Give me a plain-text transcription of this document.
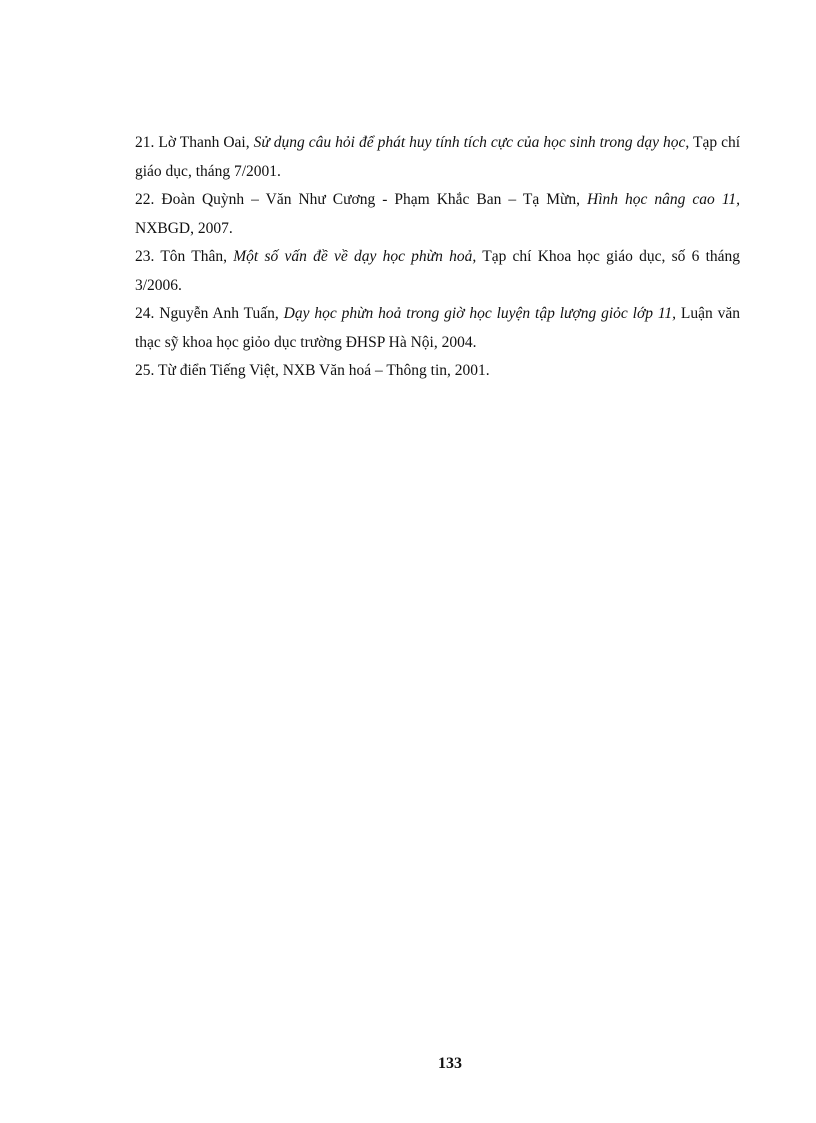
21. Lờ Thanh Oai, Sử dụng câu hỏi để phát huy tính tích cực của học sinh trong dạy học, Tạp chí giáo dục, tháng 7/2001.
22. Đoàn Quỳnh – Văn Như Cương - Phạm Khắc Ban – Tạ Mừn, Hình học nâng cao 11, NXBGD, 2007.
23. Tôn Thân, Một số vấn đề về dạy học phừn hoả, Tạp chí Khoa học giáo dục, số 6 tháng 3/2006.
24. Nguyễn Anh Tuấn, Dạy học phừn hoả trong giờ học luyện tập lượng giỏc lớp 11, Luận văn thạc sỹ khoa học giỏo dục trường ĐHSP Hà Nội, 2004.
25. Từ điển Tiếng Việt, NXB Văn hoá – Thông tin, 2001.
133
